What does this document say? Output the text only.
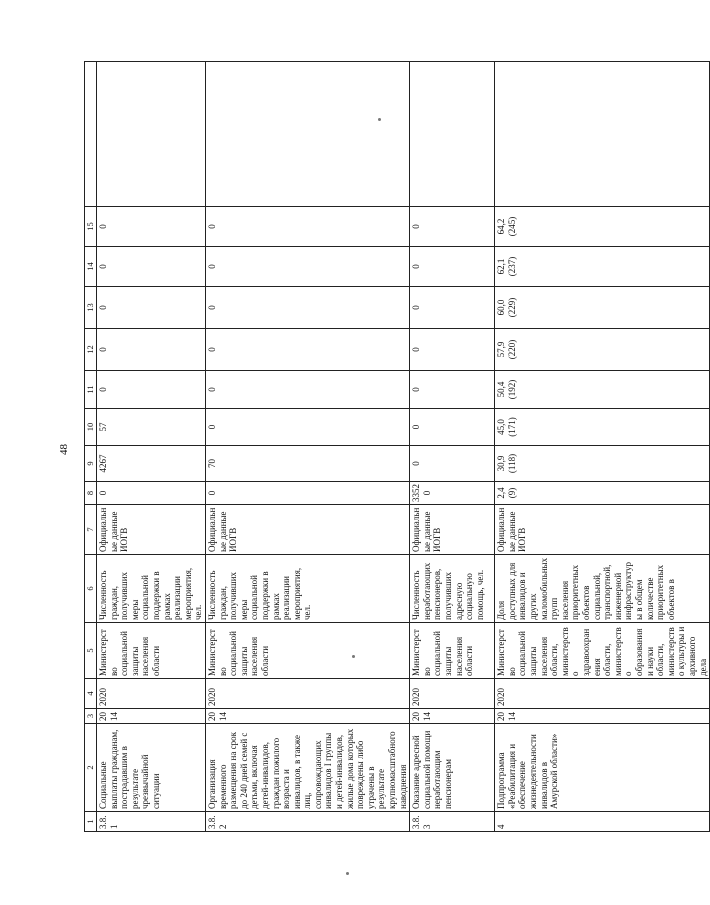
48
1	2	3	4	5	6	7	8	9	10	11	12	13	14	15	
3.8.1	Социальные выплаты гражданам, пострадавшим в результате чрезвычайной ситуации	2014	2020	Министерство социальной защиты населения области	Численность граждан, получивших меры социальной поддержки в рамках реализации мероприятия, чел.	Официальные данные ИОГВ	0	4267	57	0	0	0	0	0	
3.8.2	Организация временного размещения на срок до 240 дней семей с детьми, включая детей-инвалидов, граждан пожилого возраста и инвалидов, в также лиц, сопровождающих инвалидов I группы и детей-инвалидов, жилые дома которых повреждены либо утрачены в результате крупномасштабного наводнения	2014	2020	Министерство социальной защиты населения области	Численность граждан, получивших меры социальной поддержки в рамках реализации мероприятия, чел.	Официальные данные ИОГВ	0	70	0	0	0	0	0	0	
3.8.3	Оказание адресной социальной помощи неработающим пенсионерам	2014	2020	Министерство социальной защиты населения области	Численность неработающих пенсионеров, получивших адресную социальную помощь, чел.	Официальные данные ИОГВ	33520	0	0	0	0	0	0	0	
4	Подпрограмма «Реабилитация и обеспечение жизнедеятельности инвалидов в Амурской области»	2014	2020	Министерство социальной защиты населения области, министерство здравоохранения области, министерство образования и науки области, министерство культуры и архивного дела	Доля доступных для инвалидов и других маломобильных групп населения приоритетных объектов социальной, транспортной, инженерной инфраструктуры в общем количестве приоритетных объектов в	Официальные данные ИОГВ	2,4 (9)	30,9 (118)	45,0 (171)	50,4 (192)	57,9 (220)	60,0 (229)	62,1 (237)	64,2 (245)	
